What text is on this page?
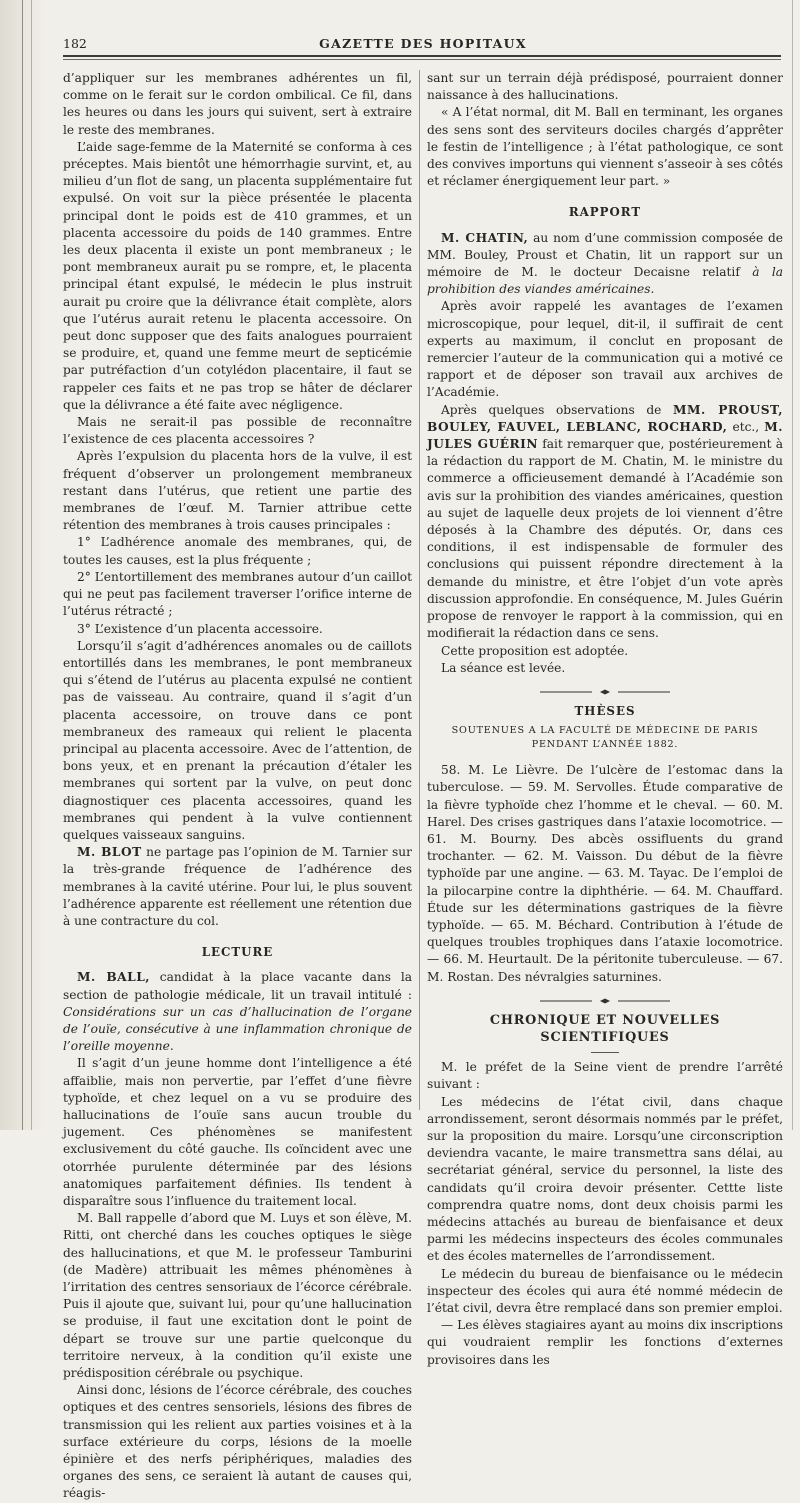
182	GAZETTE DES HOPITAUX

d’appliquer sur les membranes adhérentes un fil, comme on le ferait sur le cordon ombilical. Ce fil, dans les heures ou dans les jours qui suivent, sert à extraire le reste des membranes.

L’aide sage-femme de la Maternité se conforma à ces préceptes. Mais bientôt une hémorrhagie survint, et, au milieu d’un flot de sang, un placenta supplémentaire fut expulsé. On voit sur la pièce présentée le placenta principal dont le poids est de 410 grammes, et un placenta accessoire du poids de 140 grammes. Entre les deux placenta il existe un pont membraneux ; le pont membraneux aurait pu se rompre, et, le placenta principal étant expulsé, le médecin le plus instruit aurait pu croire que la délivrance était complète, alors que l’utérus aurait retenu le placenta accessoire. On peut donc supposer que des faits analogues pourraient se produire, et, quand une femme meurt de septicémie par putréfaction d’un cotylédon placentaire, il faut se rappeler ces faits et ne pas trop se hâter de déclarer que la délivrance a été faite avec négligence.

Mais ne serait-il pas possible de reconnaître l’existence de ces placenta accessoires ?

Après l’expulsion du placenta hors de la vulve, il est fréquent d’observer un prolongement membraneux restant dans l’utérus, que retient une partie des membranes de l’œuf. M. Tarnier attribue cette rétention des membranes à trois causes principales :

1° L’adhérence anomale des membranes, qui, de toutes les causes, est la plus fréquente ;

2° L’entortillement des membranes autour d’un caillot qui ne peut pas facilement traverser l’orifice interne de l’utérus rétracté ;

3° L’existence d’un placenta accessoire.

Lorsqu’il s’agit d’adhérences anomales ou de caillots entortillés dans les membranes, le pont membraneux qui s’étend de l’utérus au placenta expulsé ne contient pas de vaisseau. Au contraire, quand il s’agit d’un placenta accessoire, on trouve dans ce pont membraneux des rameaux qui relient le placenta principal au placenta accessoire. Avec de l’attention, de bons yeux, et en prenant la précaution d’étaler les membranes qui sortent par la vulve, on peut donc diagnostiquer ces placenta accessoires, quand les membranes qui pendent à la vulve contiennent quelques vaisseaux sanguins.

M. BLOT ne partage pas l’opinion de M. Tarnier sur la très-grande fréquence de l’adhérence des membranes à la cavité utérine. Pour lui, le plus souvent l’adhérence apparente est réellement une rétention due à une contracture du col.

LECTURE

M. BALL, candidat à la place vacante dans la section de pathologie médicale, lit un travail intitulé : Considérations sur un cas d’hallucination de l’organe de l’ouïe, consécutive à une inflammation chronique de l’oreille moyenne.

Il s’agit d’un jeune homme dont l’intelligence a été affaiblie, mais non pervertie, par l’effet d’une fièvre typhoïde, et chez lequel on a vu se produire des hallucinations de l’ouïe sans aucun trouble du jugement. Ces phénomènes se manifestent exclusivement du côté gauche. Ils coïncident avec une otorrhée purulente déterminée par des lésions anatomiques parfaitement définies. Ils tendent à disparaître sous l’influence du traitement local.

M. Ball rappelle d’abord que M. Luys et son élève, M. Ritti, ont cherché dans les couches optiques le siège des hallucinations, et que M. le professeur Tamburini (de Madère) attribuait les mêmes phénomènes à l’irritation des centres sensoriaux de l’écorce cérébrale. Puis il ajoute que, suivant lui, pour qu’une hallucination se produise, il faut une excitation dont le point de départ se trouve sur une partie quelconque du territoire nerveux, à la condition qu’il existe une prédisposition cérébrale ou psychique.

Ainsi donc, lésions de l’écorce cérébrale, des couches optiques et des centres sensoriels, lésions des fibres de transmission qui les relient aux parties voisines et à la surface extérieure du corps, lésions de la moelle épinière et des nerfs périphériques, maladies des organes des sens, ce seraient là autant de causes qui, réagis-

sant sur un terrain déjà prédisposé, pourraient donner naissance à des hallucinations.

« A l’état normal, dit M. Ball en terminant, les organes des sens sont des serviteurs dociles chargés d’apprêter le festin de l’intelligence ; à l’état pathologique, ce sont des convives importuns qui viennent s’asseoir à ses côtés et réclamer énergiquement leur part. »

RAPPORT

M. CHATIN, au nom d’une commission composée de MM. Bouley, Proust et Chatin, lit un rapport sur un mémoire de M. le docteur Decaisne relatif à la prohibition des viandes américaines.

Après avoir rappelé les avantages de l’examen microscopique, pour lequel, dit-il, il suffirait de cent experts au maximum, il conclut en proposant de remercier l’auteur de la communication qui a motivé ce rapport et de déposer son travail aux archives de l’Académie.

Après quelques observations de MM. PROUST, BOULEY, FAUVEL, LEBLANC, ROCHARD, etc., M. JULES GUÉRIN fait remarquer que, postérieurement à la rédaction du rapport de M. Chatin, M. le ministre du commerce a officieusement demandé à l’Académie son avis sur la prohibition des viandes américaines, question au sujet de laquelle deux projets de loi viennent d’être déposés à la Chambre des députés. Or, dans ces conditions, il est indispensable de formuler des conclusions qui puissent répondre directement à la demande du ministre, et être l’objet d’un vote après discussion approfondie. En conséquence, M. Jules Guérin propose de renvoyer le rapport à la commission, qui en modifierait la rédaction dans ce sens.

Cette proposition est adoptée.

La séance est levée.

THÈSES
SOUTENUES A LA FACULTÉ DE MÉDECINE DE PARIS
PENDANT L’ANNÉE 1882.

58. M. Le Lièvre. De l’ulcère de l’estomac dans la tuberculose. — 59. M. Servolles. Étude comparative de la fièvre typhoïde chez l’homme et le cheval. — 60. M. Harel. Des crises gastriques dans l’ataxie locomotrice. — 61. M. Bourny. Des abcès ossifluents du grand trochanter. — 62. M. Vaisson. Du début de la fièvre typhoïde par une angine. — 63. M. Tayac. De l’emploi de la pilocarpine contre la diphthérie. — 64. M. Chauffard. Étude sur les déterminations gastriques de la fièvre typhoïde. — 65. M. Béchard. Contribution à l’étude de quelques troubles trophiques dans l’ataxie locomotrice. — 66. M. Heurtault. De la péritonite tuberculeuse. — 67. M. Rostan. Des névralgies saturnines.

CHRONIQUE ET NOUVELLES SCIENTIFIQUES

M. le préfet de la Seine vient de prendre l’arrêté suivant :

Les médecins de l’état civil, dans chaque arrondissement, seront désormais nommés par le préfet, sur la proposition du maire. Lorsqu’une circonscription deviendra vacante, le maire transmettra sans délai, au secrétariat général, service du personnel, la liste des candidats qu’il croira devoir présenter. Cettte liste comprendra quatre noms, dont deux choisis parmi les médecins attachés au bureau de bienfaisance et deux parmi les médecins inspecteurs des écoles communales et des écoles maternelles de l’arrondissement.

Le médecin du bureau de bienfaisance ou le médecin inspecteur des écoles qui aura été nommé médecin de l’état civil, devra être remplacé dans son premier emploi.

— Les élèves stagiaires ayant au moins dix inscriptions qui voudraient remplir les fonctions d’externes provisoires dans les
